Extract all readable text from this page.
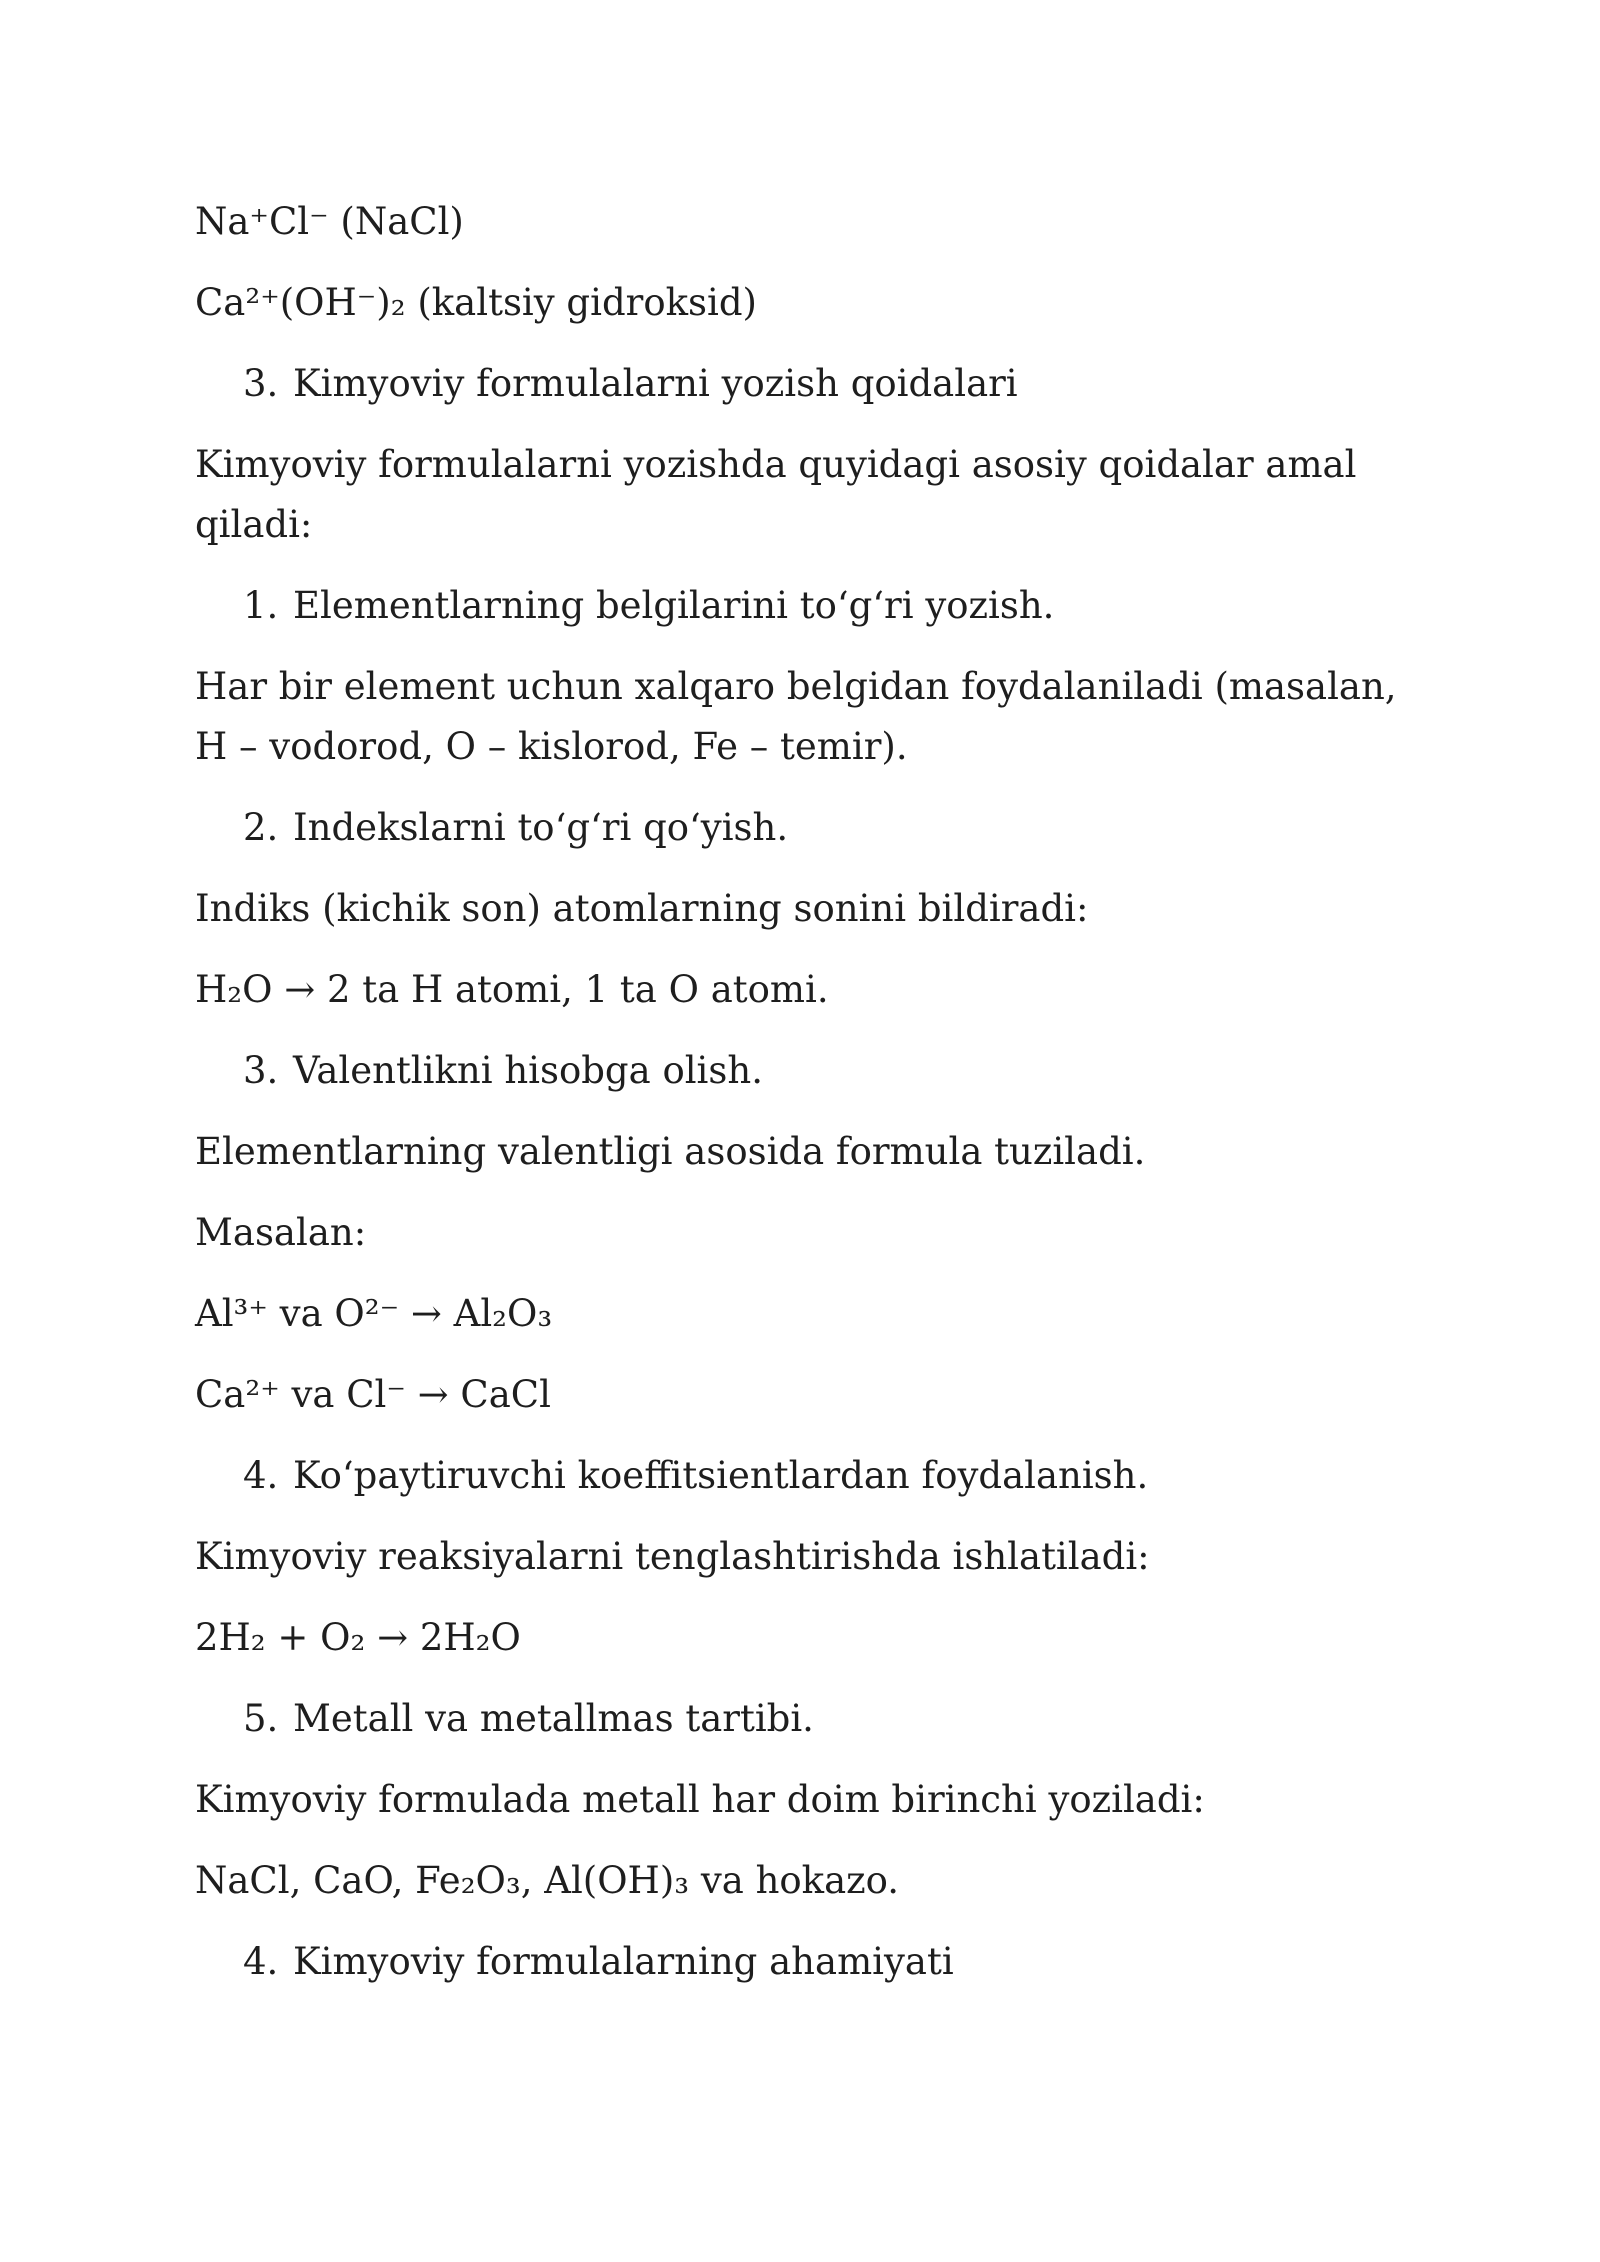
Na⁺Cl⁻ (NaCl)
Ca²⁺(OH⁻)₂ (kaltsiy gidroksid)
3. Kimyoviy formulalarni yozish qoidalari
Kimyoviy formulalarni yozishda quyidagi asosiy qoidalar amal qiladi:
1. Elementlarning belgilarini to‘g‘ri yozish.
Har bir element uchun xalqaro belgidan foydalaniladi (masalan, H – vodorod, O – kislorod, Fe – temir).
2. Indekslarni to‘g‘ri qo‘yish.
Indiks (kichik son) atomlarning sonini bildiradi:
H₂O → 2 ta H atomi, 1 ta O atomi.
3. Valentlikni hisobga olish.
Elementlarning valentligi asosida formula tuziladi.
Masalan:
Al³⁺ va O²⁻ → Al₂O₃
Ca²⁺ va Cl⁻ → CaCl
4. Ko‘paytiruvchi koeffitsientlardan foydalanish.
Kimyoviy reaksiyalarni tenglashtirishda ishlatiladi:
2H₂ + O₂ → 2H₂O
5. Metall va metallmas tartibi.
Kimyoviy formulada metall har doim birinchi yoziladi:
NaCl, CaO, Fe₂O₃, Al(OH)₃ va hokazo.
4. Kimyoviy formulalarning ahamiyati
